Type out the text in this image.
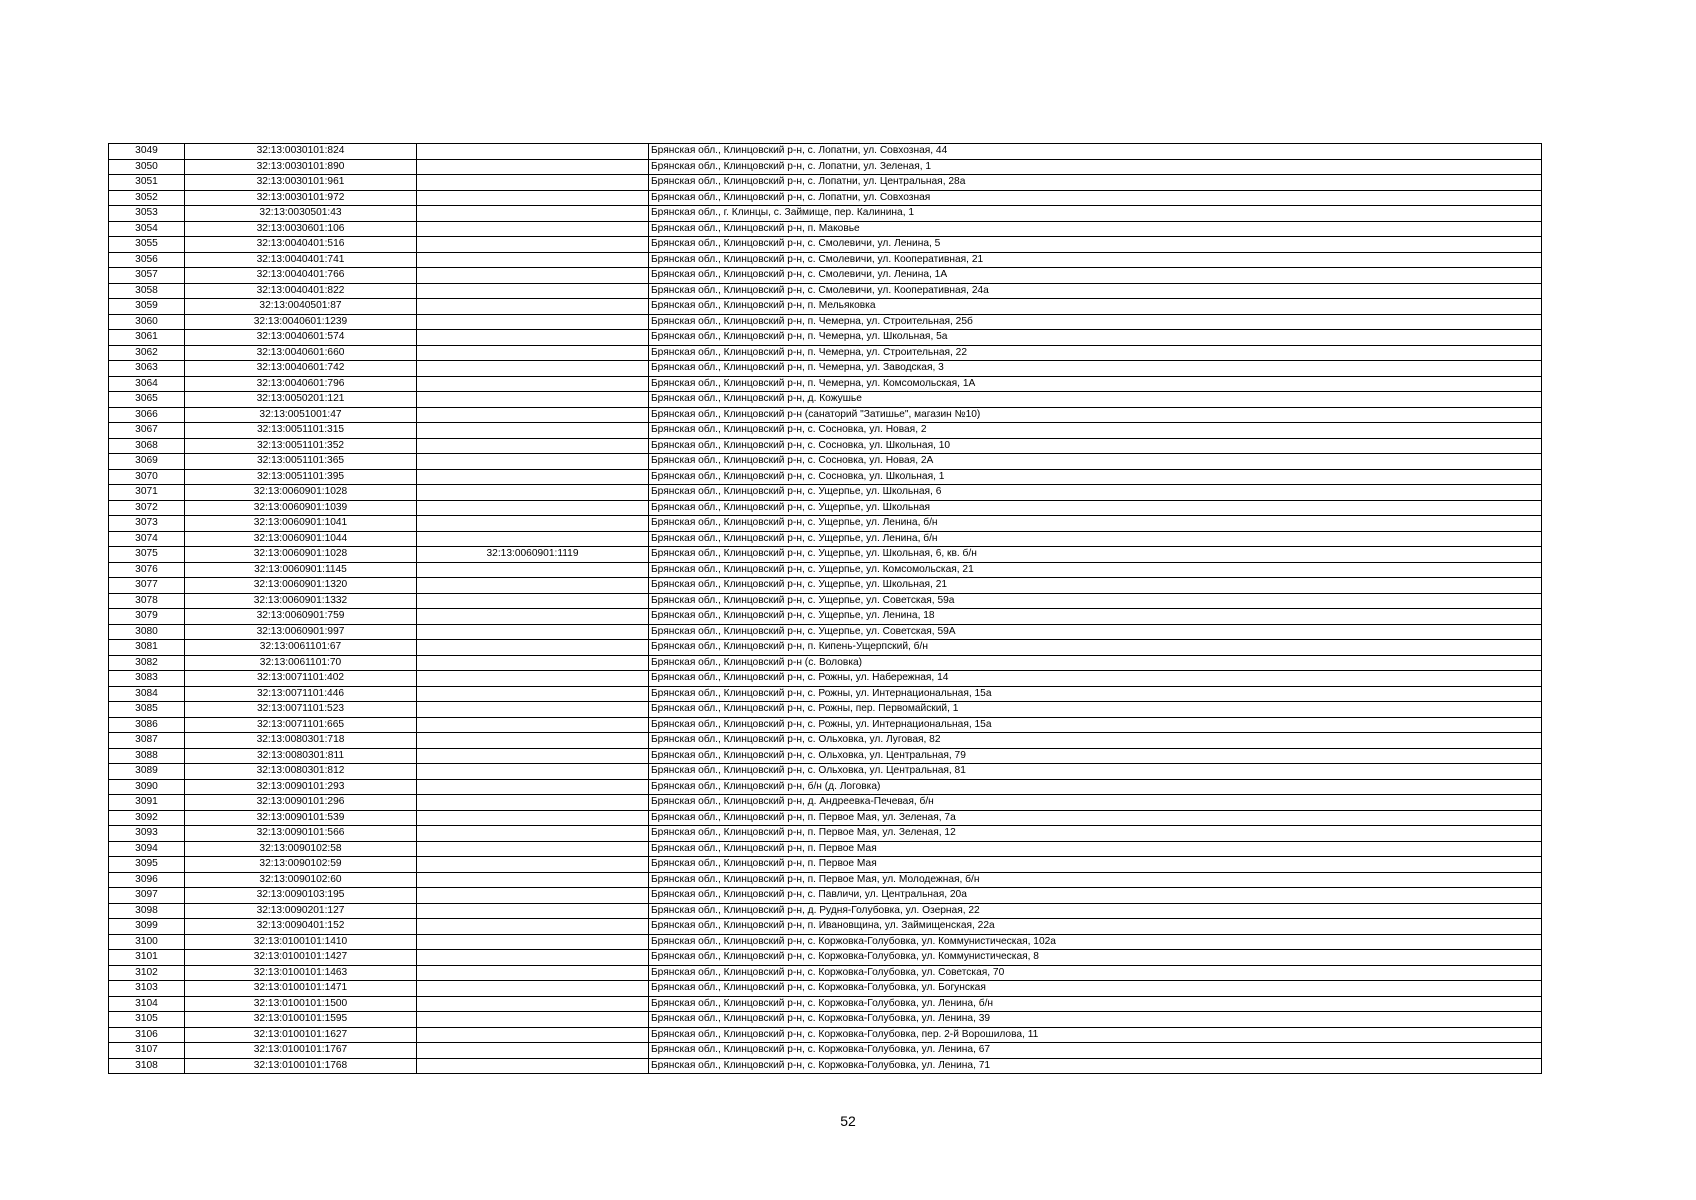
3049	32:13:0030101:824		Брянская обл., Клинцовский р-н, с. Лопатни, ул. Совхозная, 44
3050	32:13:0030101:890		Брянская обл., Клинцовский р-н, с. Лопатни, ул. Зеленая, 1
3051	32:13:0030101:961		Брянская обл., Клинцовский р-н, с. Лопатни, ул. Центральная, 28а
3052	32:13:0030101:972		Брянская обл., Клинцовский р-н, с. Лопатни, ул. Совхозная
3053	32:13:0030501:43		Брянская обл., г. Клинцы, с. Займище, пер. Калинина, 1
3054	32:13:0030601:106		Брянская обл., Клинцовский р-н, п. Маковье
3055	32:13:0040401:516		Брянская обл., Клинцовский р-н, с. Смолевичи, ул. Ленина, 5
3056	32:13:0040401:741		Брянская обл., Клинцовский р-н, с. Смолевичи, ул. Кооперативная, 21
3057	32:13:0040401:766		Брянская обл., Клинцовский р-н, с. Смолевичи, ул. Ленина, 1А
3058	32:13:0040401:822		Брянская обл., Клинцовский р-н, с. Смолевичи, ул. Кооперативная, 24а
3059	32:13:0040501:87		Брянская обл., Клинцовский р-н, п. Мельяковка
3060	32:13:0040601:1239		Брянская обл., Клинцовский р-н, п. Чемерна, ул. Строительная, 25б
3061	32:13:0040601:574		Брянская обл., Клинцовский р-н, п. Чемерна, ул. Школьная, 5а
3062	32:13:0040601:660		Брянская обл., Клинцовский р-н, п. Чемерна, ул. Строительная, 22
3063	32:13:0040601:742		Брянская обл., Клинцовский р-н, п. Чемерна, ул. Заводская, 3
3064	32:13:0040601:796		Брянская обл., Клинцовский р-н, п. Чемерна, ул. Комсомольская, 1А
3065	32:13:0050201:121		Брянская обл., Клинцовский р-н, д. Кожушье
3066	32:13:0051001:47		Брянская обл., Клинцовский р-н (санаторий "Затишье", магазин №10)
3067	32:13:0051101:315		Брянская обл., Клинцовский р-н, с. Сосновка, ул. Новая, 2
3068	32:13:0051101:352		Брянская обл., Клинцовский р-н, с. Сосновка, ул. Школьная, 10
3069	32:13:0051101:365		Брянская обл., Клинцовский р-н, с. Сосновка, ул. Новая, 2А
3070	32:13:0051101:395		Брянская обл., Клинцовский р-н, с. Сосновка, ул. Школьная, 1
3071	32:13:0060901:1028		Брянская обл., Клинцовский р-н, с. Ущерпье, ул. Школьная, 6
3072	32:13:0060901:1039		Брянская обл., Клинцовский р-н, с. Ущерпье, ул. Школьная
3073	32:13:0060901:1041		Брянская обл., Клинцовский р-н, с. Ущерпье, ул. Ленина, б/н
3074	32:13:0060901:1044		Брянская обл., Клинцовский р-н, с. Ущерпье, ул. Ленина, б/н
3075	32:13:0060901:1028	32:13:0060901:1119	Брянская обл., Клинцовский р-н, с. Ущерпье, ул. Школьная, 6, кв. б/н
3076	32:13:0060901:1145		Брянская обл., Клинцовский р-н, с. Ущерпье, ул. Комсомольская, 21
3077	32:13:0060901:1320		Брянская обл., Клинцовский р-н, с. Ущерпье, ул. Школьная, 21
3078	32:13:0060901:1332		Брянская обл., Клинцовский р-н, с. Ущерпье, ул. Советская, 59а
3079	32:13:0060901:759		Брянская обл., Клинцовский р-н, с. Ущерпье, ул. Ленина, 18
3080	32:13:0060901:997		Брянская обл., Клинцовский р-н, с. Ущерпье, ул. Советская, 59А
3081	32:13:0061101:67		Брянская обл., Клинцовский р-н, п. Кипень-Ущерпский, б/н
3082	32:13:0061101:70		Брянская обл., Клинцовский р-н (с. Воловка)
3083	32:13:0071101:402		Брянская обл., Клинцовский р-н, с. Рожны, ул. Набережная, 14
3084	32:13:0071101:446		Брянская обл., Клинцовский р-н, с. Рожны, ул. Интернациональная, 15а
3085	32:13:0071101:523		Брянская обл., Клинцовский р-н, с. Рожны, пер. Первомайский, 1
3086	32:13:0071101:665		Брянская обл., Клинцовский р-н, с. Рожны, ул. Интернациональная, 15а
3087	32:13:0080301:718		Брянская обл., Клинцовский р-н, с. Ольховка, ул. Луговая, 82
3088	32:13:0080301:811		Брянская обл., Клинцовский р-н, с. Ольховка, ул. Центральная, 79
3089	32:13:0080301:812		Брянская обл., Клинцовский р-н, с. Ольховка, ул. Центральная, 81
3090	32:13:0090101:293		Брянская обл., Клинцовский р-н, б/н (д. Логовка)
3091	32:13:0090101:296		Брянская обл., Клинцовский р-н, д. Андреевка-Печевая, б/н
3092	32:13:0090101:539		Брянская обл., Клинцовский р-н, п. Первое Мая, ул. Зеленая, 7а
3093	32:13:0090101:566		Брянская обл., Клинцовский р-н, п. Первое Мая, ул. Зеленая, 12
3094	32:13:0090102:58		Брянская обл., Клинцовский р-н, п. Первое Мая
3095	32:13:0090102:59		Брянская обл., Клинцовский р-н, п. Первое Мая
3096	32:13:0090102:60		Брянская обл., Клинцовский р-н, п. Первое Мая, ул. Молодежная, б/н
3097	32:13:0090103:195		Брянская обл., Клинцовский р-н, с. Павличи, ул. Центральная, 20а
3098	32:13:0090201:127		Брянская обл., Клинцовский р-н, д. Рудня-Голубовка, ул. Озерная, 22
3099	32:13:0090401:152		Брянская обл., Клинцовский р-н, п. Ивановщина, ул. Займищенская, 22а
3100	32:13:0100101:1410		Брянская обл., Клинцовский р-н, с. Коржовка-Голубовка, ул. Коммунистическая, 102а
3101	32:13:0100101:1427		Брянская обл., Клинцовский р-н, с. Коржовка-Голубовка, ул. Коммунистическая, 8
3102	32:13:0100101:1463		Брянская обл., Клинцовский р-н, с. Коржовка-Голубовка, ул. Советская, 70
3103	32:13:0100101:1471		Брянская обл., Клинцовский р-н, с. Коржовка-Голубовка, ул. Богунская
3104	32:13:0100101:1500		Брянская обл., Клинцовский р-н, с. Коржовка-Голубовка, ул. Ленина, б/н
3105	32:13:0100101:1595		Брянская обл., Клинцовский р-н, с. Коржовка-Голубовка, ул. Ленина, 39
3106	32:13:0100101:1627		Брянская обл., Клинцовский р-н, с. Коржовка-Голубовка, пер. 2-й Ворошилова, 11
3107	32:13:0100101:1767		Брянская обл., Клинцовский р-н, с. Коржовка-Голубовка, ул. Ленина, 67
3108	32:13:0100101:1768		Брянская обл., Клинцовский р-н, с. Коржовка-Голубовка, ул. Ленина, 71
52
